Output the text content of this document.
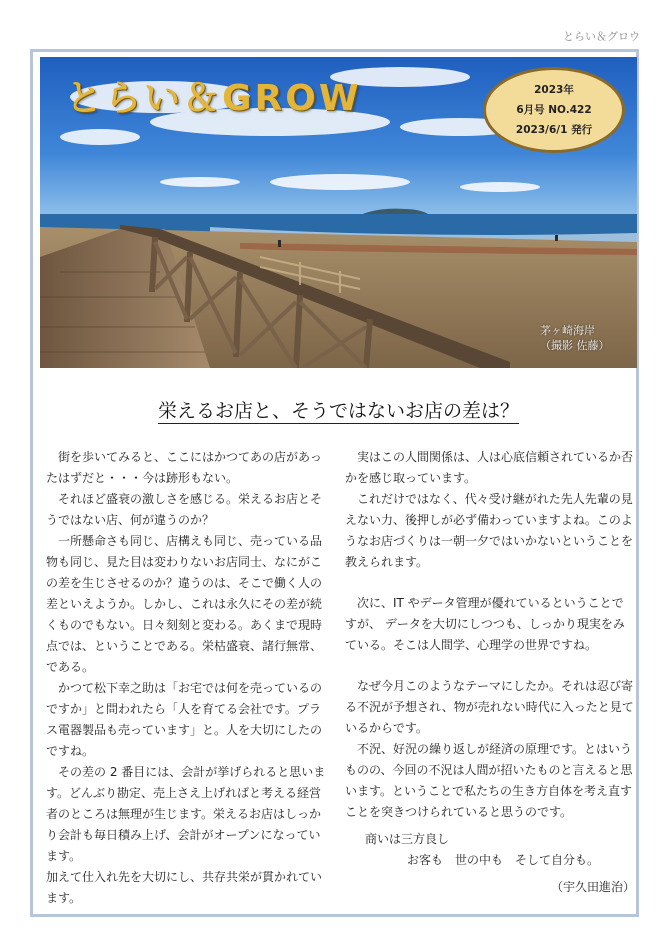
とらい＆グロウ
とらい＆GROW	2023年
6月号 NO.422
2023/6/1 発行
茅ヶ崎海岸
（撮影 佐藤）
栄えるお店と、そうではないお店の差は？

街を歩いてみると、ここにはかつてあの店があったはずだと・・・今は跡形もない。

それほど盛衰の激しさを感じる。栄えるお店とそうではない店、何が違うのか？

一所懸命さも同じ、店構えも同じ、売っている品物も同じ、見た目は変わりないお店同士、なにがこの差を生じさせるのか？違うのは、そこで働く人の差といえようか。しかし、これは永久にその差が続くものでもない。日々刻刻と変わる。あくまで現時点では、ということである。栄枯盛衰、諸行無常、である。

かつて松下幸之助は「お宅では何を売っているのですか」と問われたら「人を育てる会社です。プラス電器製品も売っています」と。人を大切にしたのですね。

その差の 2 番目には、会計が挙げられると思います。どんぶり勘定、売上さえ上げればと考える経営者のところは無理が生じます。栄えるお店はしっかり会計も毎日積み上げ、会計がオープンになっています。

加えて仕入れ先を大切にし、共存共栄が貫かれています。

実はこの人間関係は、人は心底信頼されているか否かを感じ取っています。

これだけではなく、代々受け継がれた先人先輩の見えない力、後押しが必ず備わっていますよね。このようなお店づくりは一朝一夕ではいかないということを教えられます。

次に、IT やデータ管理が優れているということですが、 データを大切にしつつも、しっかり現実をみている。そこは人間学、心理学の世界ですね。

なぜ今月このようなテーマにしたか。それは忍び寄る不況が予想され、物が売れない時代に入ったと見ているからです。

不況、好況の繰り返しが経済の原理です。とはいうものの、今回の不況は人間が招いたものと言えると思います。ということで私たちの生き方自体を考え直すことを突きつけられていると思うのです。

商いは三方良し

お客も　世の中も　そして自分も。

（宇久田進治）
